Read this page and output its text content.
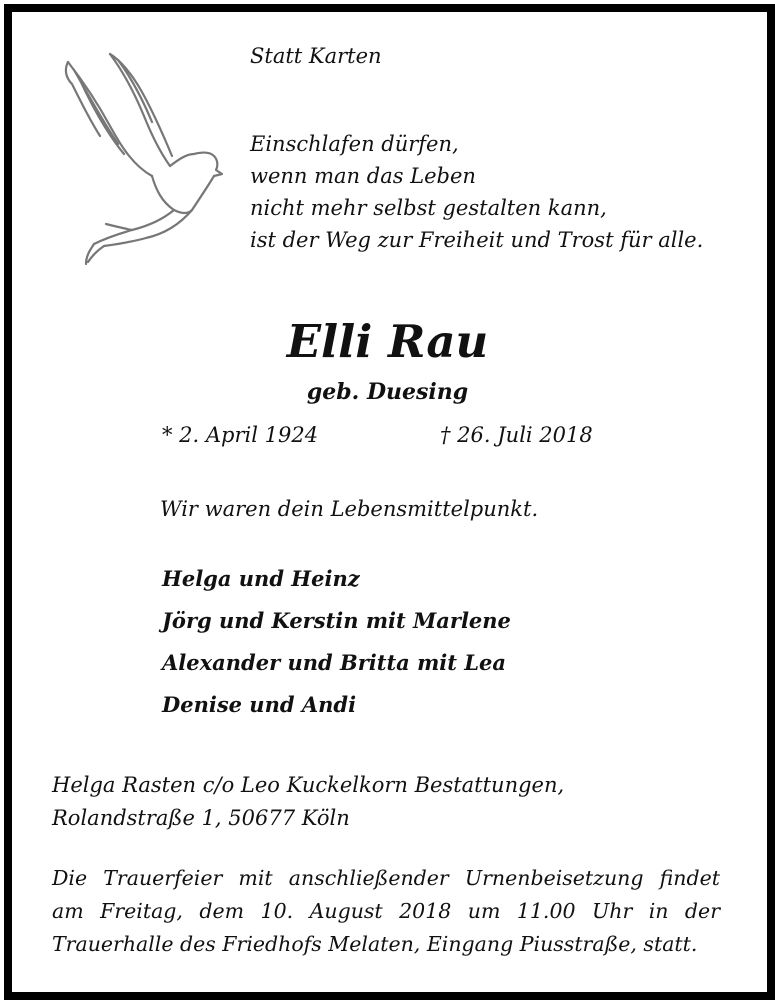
Statt Karten

Einschlafen dürfen,
wenn man das Leben
nicht mehr selbst gestalten kann,
ist der Weg zur Freiheit und Trost für alle.

Elli Rau

geb. Duesing

* 2. April 1924	† 26. Juli 2018

Wir waren dein Lebensmittelpunkt.

Helga und Heinz
Jörg und Kerstin mit Marlene
Alexander und Britta mit Lea
Denise und Andi
Helga Rasten c/o Leo Kuckelkorn Bestattungen,
Rolandstraße 1, 50677 Köln
Die Trauerfeier mit anschließender Urnenbeisetzung findet
am Freitag, dem 10. August 2018 um 11.00 Uhr in der
Trauerhalle des Friedhofs Melaten, Eingang Piusstraße, statt.
